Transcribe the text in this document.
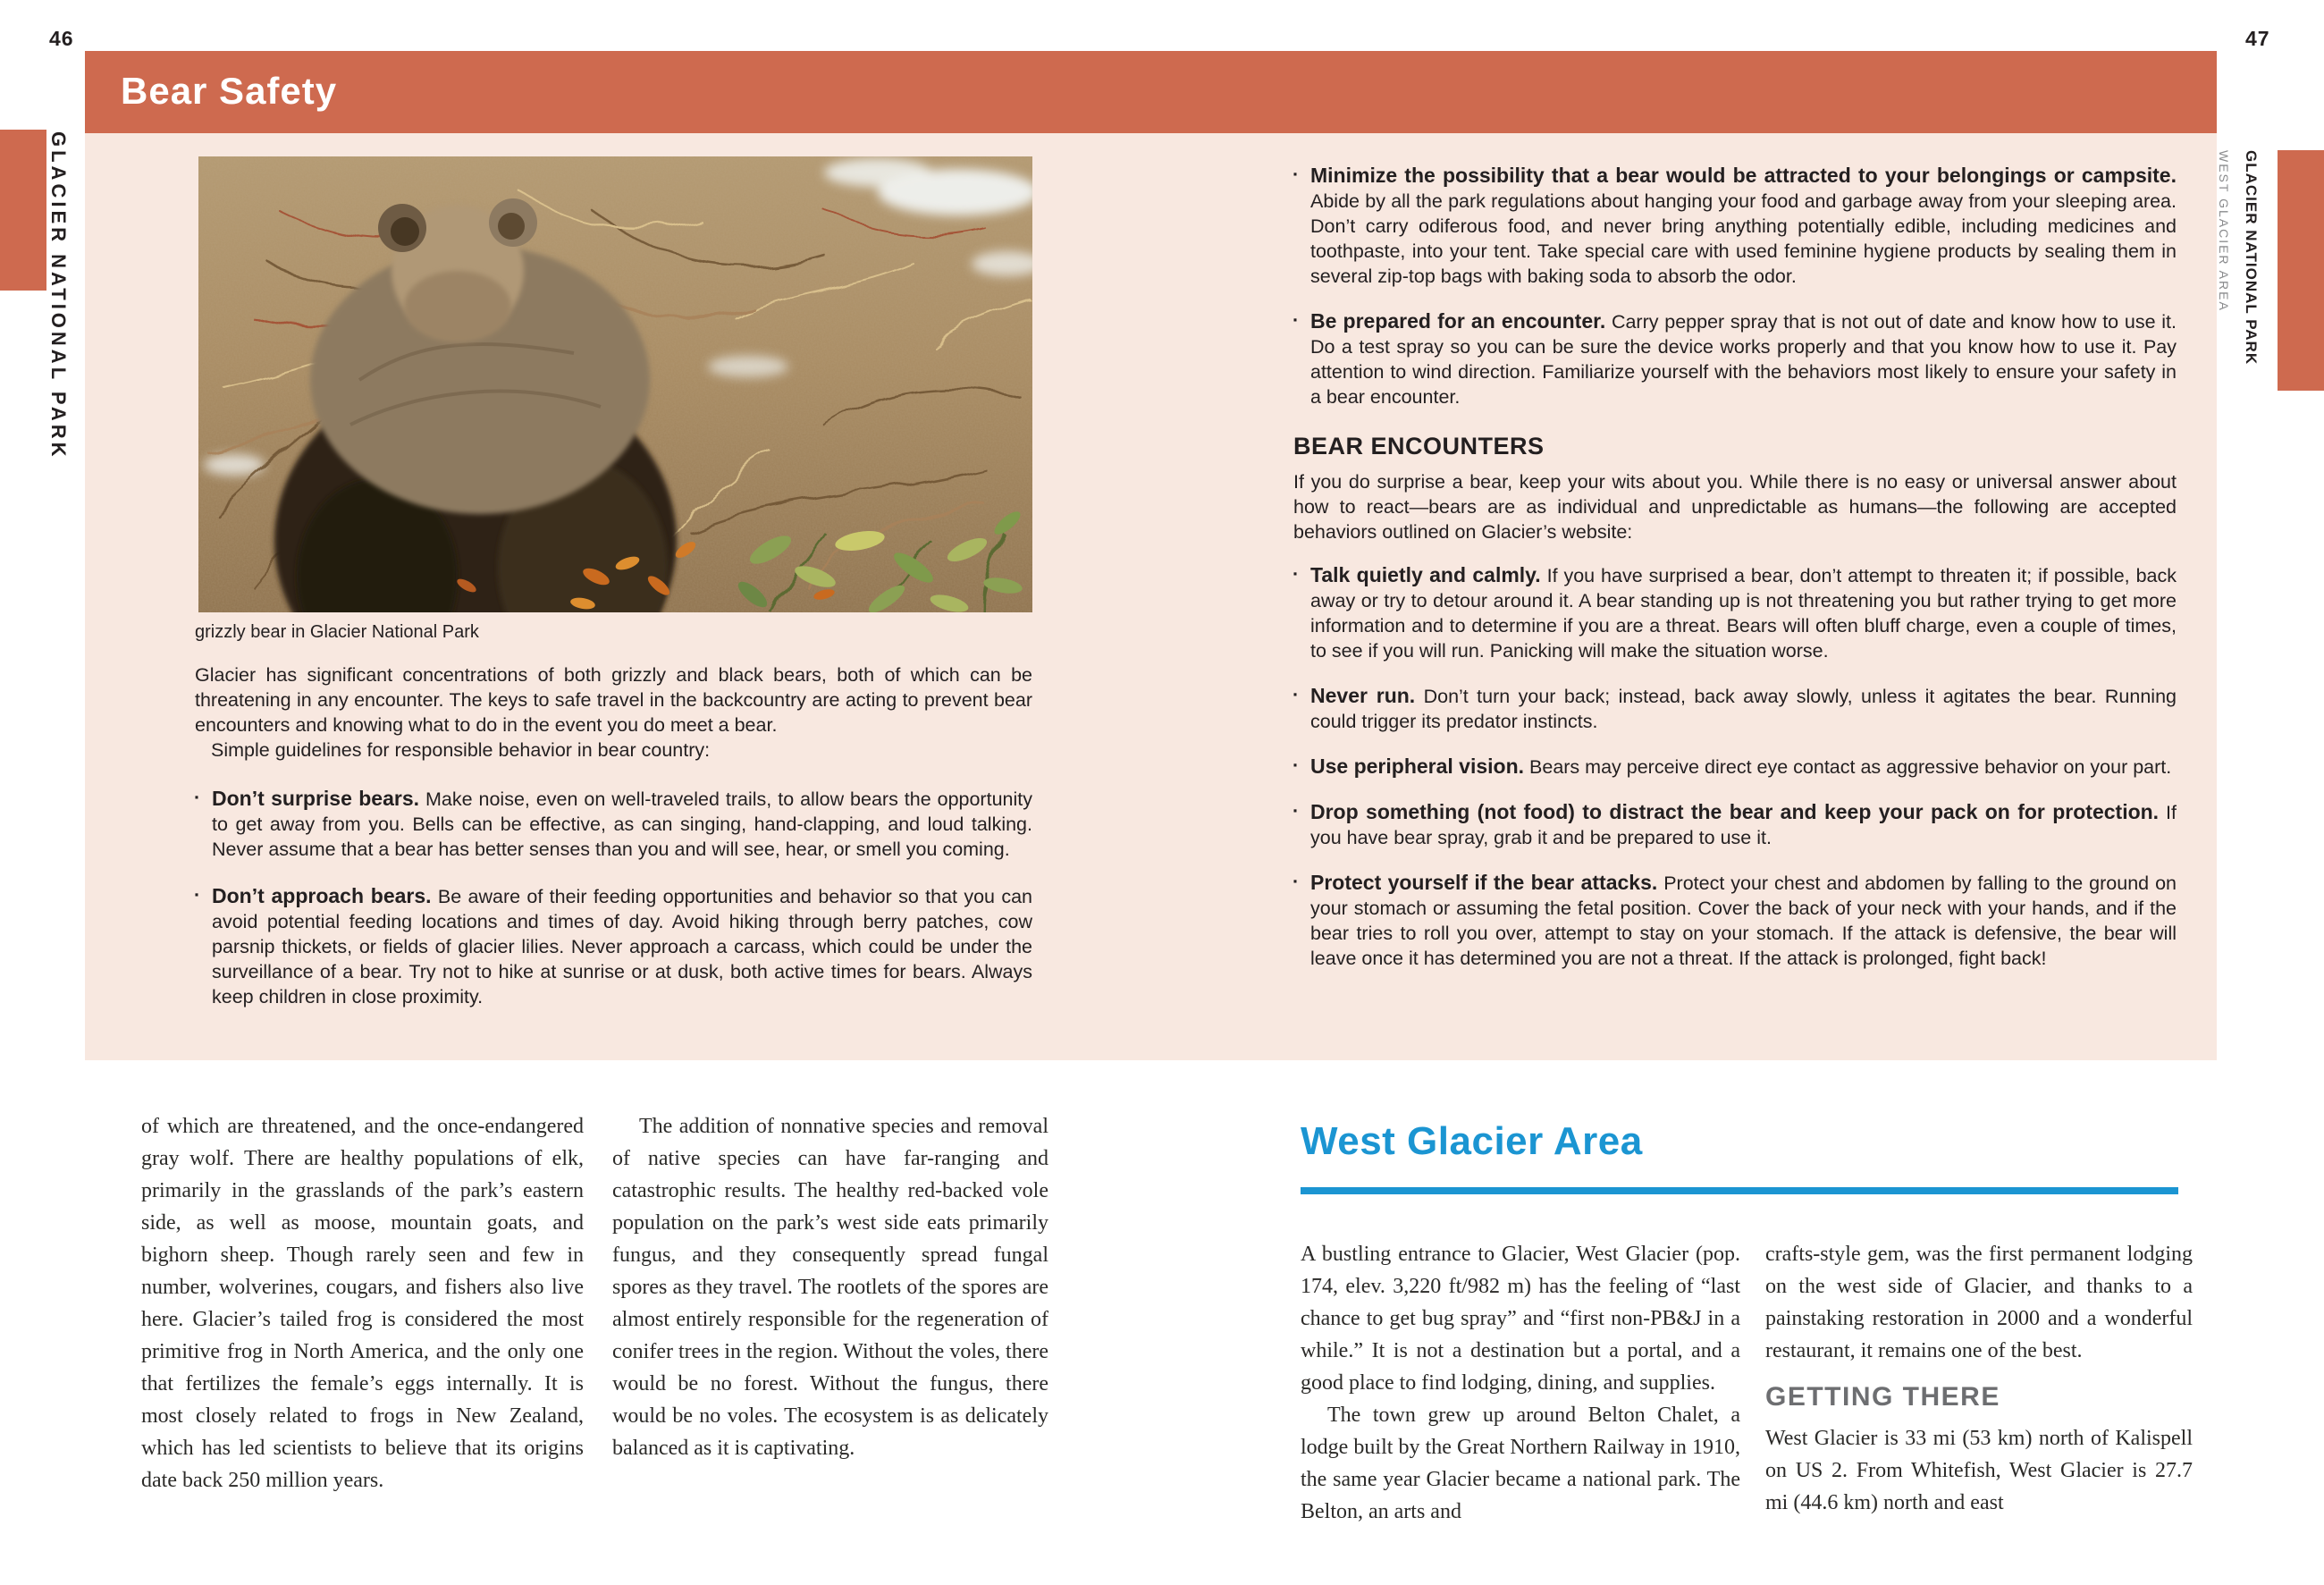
46	47
GLACIER NATIONAL PARK	GLACIER NATIONAL PARK
WEST GLACIER AREA
Bear Safety
grizzly bear in Glacier National Park
Glacier has significant concentrations of both grizzly and black bears, both of which can be threatening in any encounter. The keys to safe travel in the backcountry are acting to prevent bear encounters and knowing what to do in the event you do meet a bear.
Simple guidelines for responsible behavior in bear country:
· Don’t surprise bears. Make noise, even on well-traveled trails, to allow bears the opportunity to get away from you. Bells can be effective, as can singing, hand-clapping, and loud talking. Never assume that a bear has better senses than you and will see, hear, or smell you coming.
· Don’t approach bears. Be aware of their feeding opportunities and behavior so that you can avoid potential feeding locations and times of day. Avoid hiking through berry patches, cow parsnip thickets, or fields of glacier lilies. Never approach a carcass, which could be under the surveillance of a bear. Try not to hike at sunrise or at dusk, both active times for bears. Always keep children in close proximity.
· Minimize the possibility that a bear would be attracted to your belongings or campsite. Abide by all the park regulations about hanging your food and garbage away from your sleeping area. Don’t carry odiferous food, and never bring anything potentially edible, including medicines and toothpaste, into your tent. Take special care with used feminine hygiene products by sealing them in several zip-top bags with baking soda to absorb the odor.
· Be prepared for an encounter. Carry pepper spray that is not out of date and know how to use it. Do a test spray so you can be sure the device works properly and that you know how to use it. Pay attention to wind direction. Familiarize yourself with the behaviors most likely to ensure your safety in a bear encounter.
BEAR ENCOUNTERS
If you do surprise a bear, keep your wits about you. While there is no easy or universal answer about how to react—bears are as individual and unpredictable as humans—the following are accepted behaviors outlined on Glacier’s website:
· Talk quietly and calmly. If you have surprised a bear, don’t attempt to threaten it; if possible, back away or try to detour around it. A bear standing up is not threatening you but rather trying to get more information and to determine if you are a threat. Bears will often bluff charge, even a couple of times, to see if you will run. Panicking will make the situation worse.
· Never run. Don’t turn your back; instead, back away slowly, unless it agitates the bear. Running could trigger its predator instincts.
· Use peripheral vision. Bears may perceive direct eye contact as aggressive behavior on your part.
· Drop something (not food) to distract the bear and keep your pack on for protection. If you have bear spray, grab it and be prepared to use it.
· Protect yourself if the bear attacks. Protect your chest and abdomen by falling to the ground on your stomach or assuming the fetal position. Cover the back of your neck with your hands, and if the bear tries to roll you over, attempt to stay on your stomach. If the attack is defensive, the bear will leave once it has determined you are not a threat. If the attack is prolonged, fight back!
of which are threatened, and the once-endangered gray wolf. There are healthy populations of elk, primarily in the grasslands of the park’s eastern side, as well as moose, mountain goats, and bighorn sheep. Though rarely seen and few in number, wolverines, cougars, and fishers also live here. Glacier’s tailed frog is considered the most primitive frog in North America, and the only one that fertilizes the female’s eggs internally. It is most closely related to frogs in New Zealand, which has led scientists to believe that its origins date back 250 million years.
The addition of nonnative species and removal of native species can have far-ranging and catastrophic results. The healthy red-backed vole population on the park’s west side eats primarily fungus, and they consequently spread fungal spores as they travel. The rootlets of the spores are almost entirely responsible for the regeneration of conifer trees in the region. Without the voles, there would be no forest. Without the fungus, there would be no voles. The ecosystem is as delicately balanced as it is captivating.
West Glacier Area

A bustling entrance to Glacier, West Glacier (pop. 174, elev. 3,220 ft/982 m) has the feeling of “last chance to get bug spray” and “first non-PB&J in a while.” It is not a destination but a portal, and a good place to find lodging, dining, and supplies.

The town grew up around Belton Chalet, a lodge built by the Great Northern Railway in 1910, the same year Glacier became a national park. The Belton, an arts and

crafts-style gem, was the first permanent lodging on the west side of Glacier, and thanks to a painstaking restoration in 2000 and a wonderful restaurant, it remains one of the best.

GETTING THERE

West Glacier is 33 mi (53 km) north of Kalispell on US 2. From Whitefish, West Glacier is 27.7 mi (44.6 km) north and east
